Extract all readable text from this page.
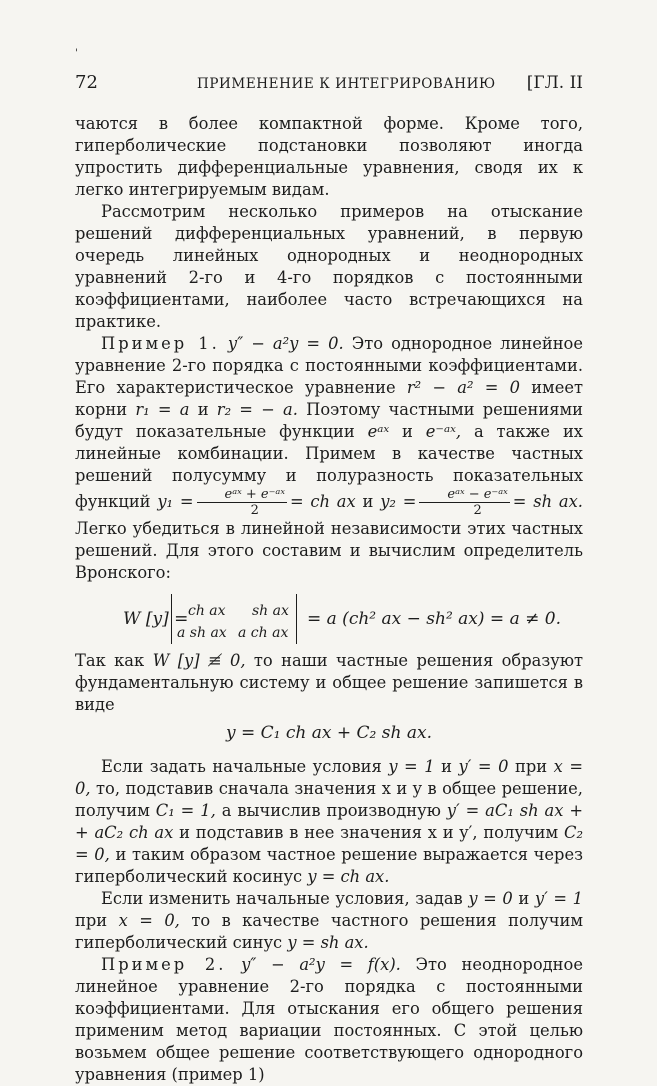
'
72	ПРИМЕНЕНИЕ К ИНТЕГРИРОВАНИЮ [ГЛ. II

чаются в более компактной форме. Кроме того, гиперболические подстановки позволяют иногда упростить дифференциальные уравнения, сводя их к легко интегрируемым видам.

Рассмотрим несколько примеров на отыскание решений дифференциальных уравнений, в первую очередь линейных однородных и неоднородных уравнений 2-го и 4-го порядков с постоянными коэффициентами, наиболее часто встречающихся на практике.

Пример 1. y″ − a²y = 0. Это однородное линейное уравнение 2-го порядка с постоянными коэффициентами. Его характеристическое уравнение r² − a² = 0 имеет корни r₁ = a и r₂ = − a. Поэтому частными решениями будут показательные функции eᵃˣ и e⁻ᵃˣ, а также их линейные комбинации. Примем в качестве частных решений полусумму и полуразность показательных функций $y_1 = \frac{\text{eᵃˣ + e⁻ᵃˣ}}{2}$ = ch ax и $y_2 = \frac{\text{eᵃˣ − e⁻ᵃˣ}}{2}$ = sh ax. Легко убедиться в линейной независимости этих частных решений. Для этого составим и вычислим определитель Вронского:

W [y] = ch ax sh ax
a sh ax a ch ax
= a (ch² ax − sh² ax) = a ≠ 0.

Так как W [y] ≢ 0, то наши частные решения образуют фундаментальную систему и общее решение запишется в виде

y = C₁ ch ax + C₂ sh ax.

Если задать начальные условия y = 1 и y′ = 0 при x = 0, то, подставив сначала значения x и y в общее решение, получим C₁ = 1, а вычислив производную y′ = aC₁ sh ax + + aC₂ ch ax и подставив в нее значения x и y′, получим C₂ = 0, и таким образом частное решение выражается через гиперболический косинус y = ch ax.

Если изменить начальные условия, задав y = 0 и y′ = 1 при x = 0, то в качестве частного решения получим гиперболический синус y = sh ax.

Пример 2. y″ − a²y = f(x). Это неоднородное линейное уравнение 2-го порядка с постоянными коэффициентами. Для отыскания его общего решения применим метод вариации постоянных. С этой целью возьмем общее решение соответствующего однородного уравнения (пример 1)
